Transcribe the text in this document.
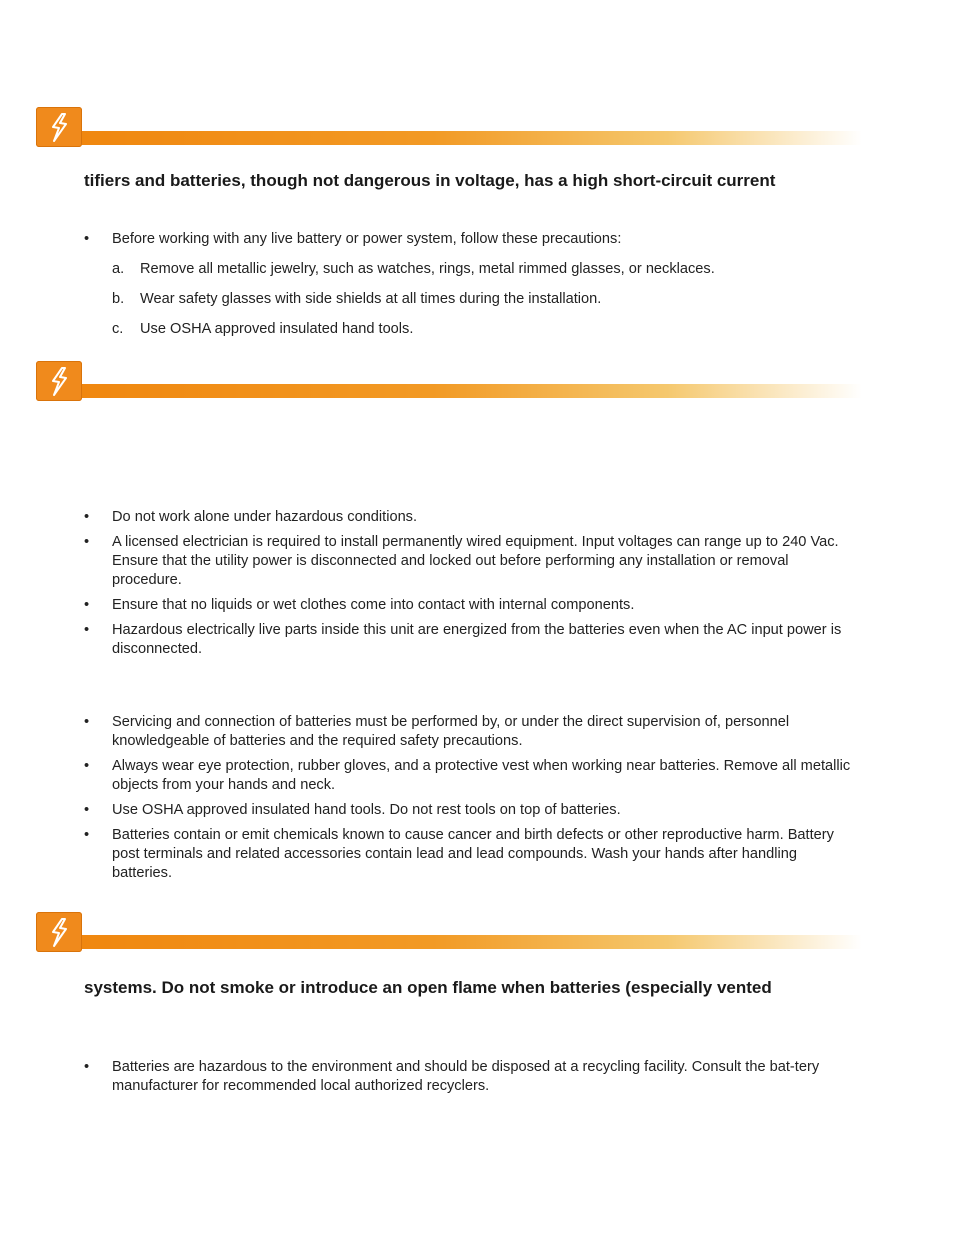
tifiers and batteries, though not dangerous in voltage, has a high short-circuit current
• Before working with any live battery or power system, follow these precautions:
a. Remove all metallic jewelry, such as watches, rings, metal rimmed glasses, or necklaces.
b. Wear safety glasses with side shields at all times during the installation.
c. Use OSHA approved insulated hand tools.
• Do not work alone under hazardous conditions.
• A licensed electrician is required to install permanently wired equipment. Input voltages can range up to 240 Vac. Ensure that the utility power is disconnected and locked out before performing any installation or removal procedure.
• Ensure that no liquids or wet clothes come into contact with internal components.
• Hazardous electrically live parts inside this unit are energized from the batteries even when the AC input power is disconnected.
• Servicing and connection of batteries must be performed by, or under the direct supervision of, personnel knowledgeable of batteries and the required safety precautions.
• Always wear eye protection, rubber gloves, and a protective vest when working near batteries. Remove all metallic objects from your hands and neck.
• Use OSHA approved insulated hand tools. Do not rest tools on top of batteries.
• Batteries contain or emit chemicals known to cause cancer and birth defects or other reproductive harm. Battery post terminals and related accessories contain lead and lead compounds. Wash your hands after handling batteries.
systems. Do not smoke or introduce an open flame when batteries (especially vented
• Batteries are hazardous to the environment and should be disposed at a recycling facility. Consult the bat-tery manufacturer for recommended local authorized recyclers.
